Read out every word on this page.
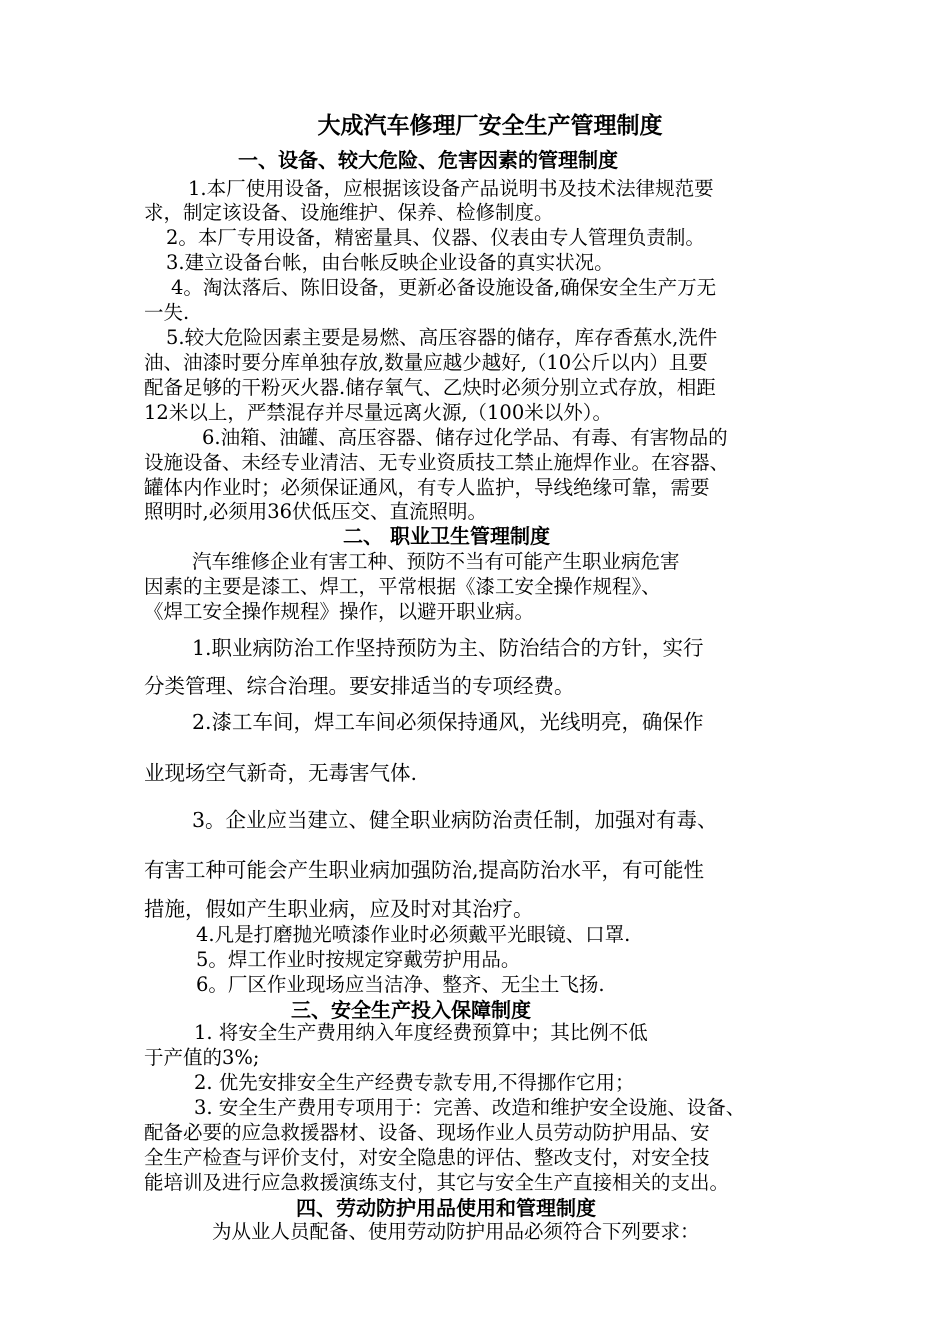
大成汽车修理厂安全生产管理制度
一、设备、较大危险、危害因素的管理制度
1.本厂使用设备，应根据该设备产品说明书及技术法律规范要
求，制定该设备、设施维护、保养、检修制度。
2。本厂专用设备，精密量具、仪器、仪表由专人管理负责制。
3.建立设备台帐，由台帐反映企业设备的真实状况。
4。淘汰落后、陈旧设备，更新必备设施设备,确保安全生产万无
一失.
5.较大危险因素主要是易燃、高压容器的储存，库存香蕉水,洗件
油、油漆时要分库单独存放,数量应越少越好,（10公斤以内）且要
配备足够的干粉灭火器.储存氧气、乙炔时必须分别立式存放，相距
12米以上，严禁混存并尽量远离火源,（100米以外）。
6.油箱、油罐、高压容器、储存过化学品、有毒、有害物品的
设施设备、未经专业清洁、无专业资质技工禁止施焊作业。在容器、
罐体内作业时；必须保证通风，有专人监护，导线绝缘可靠，需要
照明时,必须用36伏低压交、直流照明。
二、 职业卫生管理制度
汽车维修企业有害工种、预防不当有可能产生职业病危害
因素的主要是漆工、焊工，平常根据《漆工安全操作规程》、
《焊工安全操作规程》操作，以避开职业病。
1.职业病防治工作坚持预防为主、防治结合的方针，实行
分类管理、综合治理。要安排适当的专项经费。
2.漆工车间，焊工车间必须保持通风，光线明亮，确保作
业现场空气新奇，无毒害气体.
3。企业应当建立、健全职业病防治责任制，加强对有毒、
有害工种可能会产生职业病加强防治,提高防治水平，有可能性
措施，假如产生职业病，应及时对其治疗。
4.凡是打磨抛光喷漆作业时必须戴平光眼镜、口罩.
5。焊工作业时按规定穿戴劳护用品。
6。厂区作业现场应当洁净、整齐、无尘土飞扬.
三、安全生产投入保障制度
1. 将安全生产费用纳入年度经费预算中；其比例不低
于产值的3%;
2. 优先安排安全生产经费专款专用,不得挪作它用；
3. 安全生产费用专项用于：完善、改造和维护安全设施、设备、
配备必要的应急救援器材、设备、现场作业人员劳动防护用品、安
全生产检查与评价支付，对安全隐患的评估、整改支付，对安全技
能培训及进行应急救援演练支付，其它与安全生产直接相关的支出。
四、劳动防护用品使用和管理制度
为从业人员配备、使用劳动防护用品必须符合下列要求：
